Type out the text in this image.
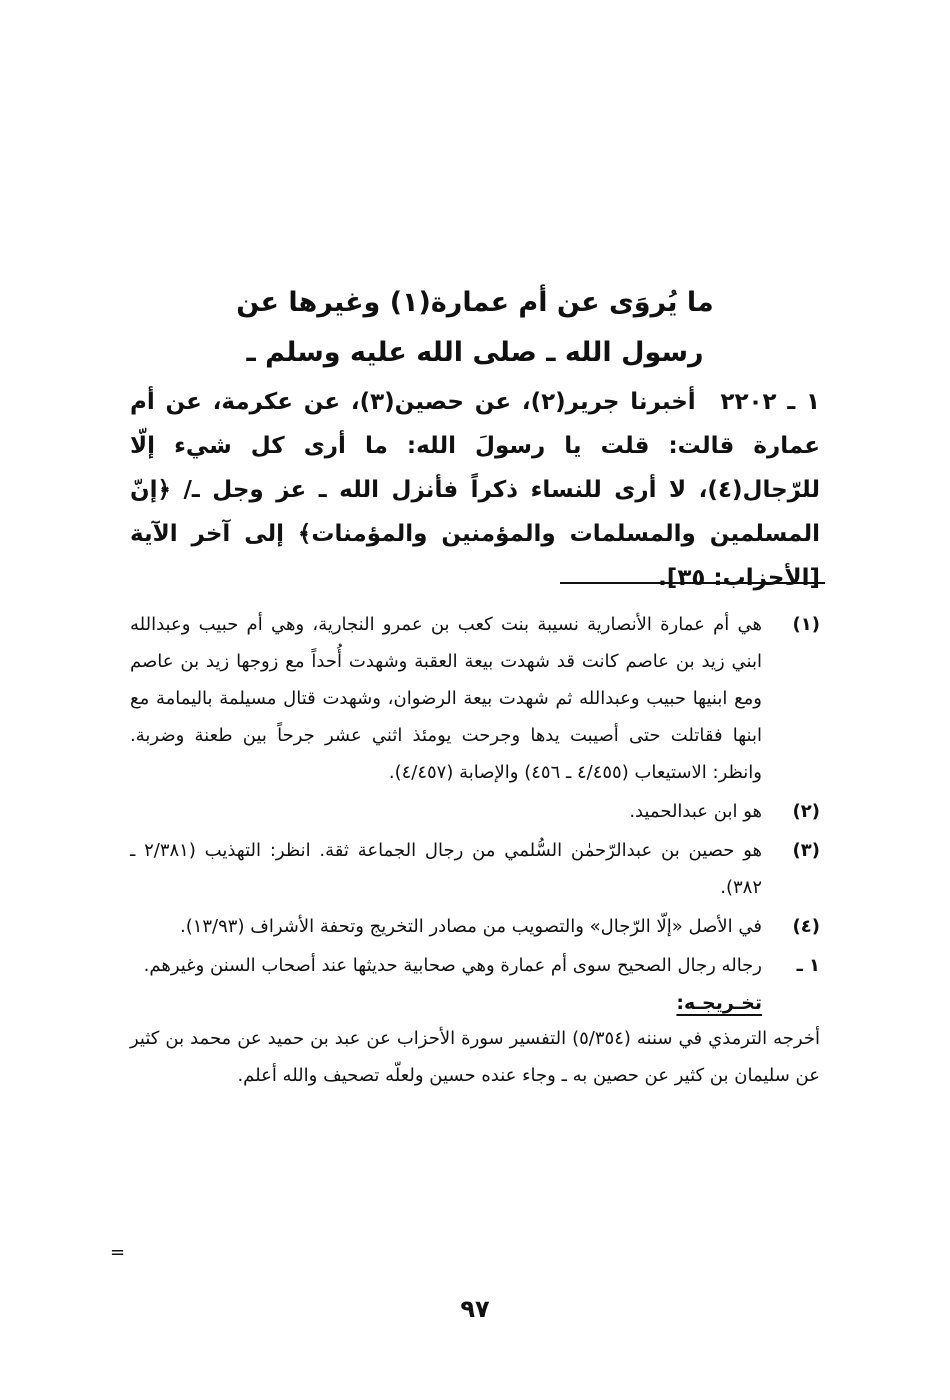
ما يُروَى عن أم عمارة(١) وغيرها عن
رسول الله ـ صلى الله عليه وسلم ـ

١ ـ ٢٢٠٢ أخبرنا جرير(٢)، عن حصين(٣)، عن عكرمة، عن أم عمارة قالت: قلت يا رسولَ الله: ما أرى كل شيء إلّا للرّجال(٤)، لا أرى للنساء ذكراً فأنزل الله ـ عز وجل ـ/ ﴿إنّ المسلمين والمسلمات والمؤمنين والمؤمنات﴾ إلى آخر الآية [الأحزاب: ٣٥].

(١)
هي أم عمارة الأنصارية نسيبة بنت كعب بن عمرو النجارية، وهي أم حبيب وعبدالله ابني زيد بن عاصم كانت قد شهدت بيعة العقبة وشهدت أُحداً مع زوجها زيد بن عاصم ومع ابنيها حبيب وعبدالله ثم شهدت بيعة الرضوان، وشهدت قتال مسيلمة باليمامة مع ابنها فقاتلت حتى أصيبت يدها وجرحت يومئذ اثني عشر جرحاً بين طعنة وضربة. وانظر: الاستيعاب (٤/٤٥٥ ـ ٤٥٦) والإصابة (٤/٤٥٧).
(٢)
هو ابن عبدالحميد.
(٣)
هو حصين بن عبدالرّحمٰن السُّلمي من رجال الجماعة ثقة. انظر: التهذيب (٢/٣٨١ ـ ٣٨٢).
(٤)
في الأصل «إلّا الرّجال» والتصويب من مصادر التخريج وتحفة الأشراف (١٣/٩٣).
١ ـ
رجاله رجال الصحيح سوى أم عمارة وهي صحابية حديثها عند أصحاب السنن وغيرهم.
تخـريجـه:
أخرجه الترمذي في سننه (٥/٣٥٤) التفسير سورة الأحزاب عن عبد بن حميد عن محمد بن كثير عن سليمان بن كثير عن حصين به ـ وجاء عنده حسين ولعلّه تصحيف والله أعلم.
=
٩٧
